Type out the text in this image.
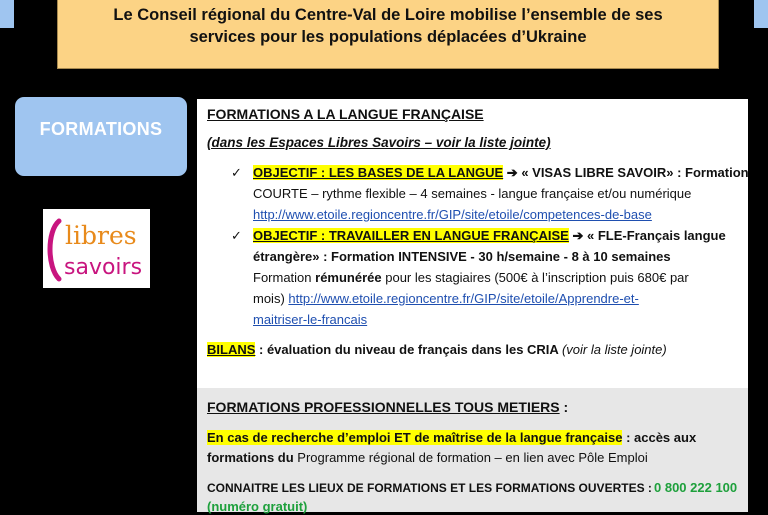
Le Conseil régional du Centre-Val de Loire mobilise l’ensemble de ses
services pour les populations déplacées d’Ukraine
FORMATIONS
libres
savoirs
FORMATIONS A LA LANGUE FRANÇAISE
(dans les Espaces Libres Savoirs – voir la liste jointe)
✓ OBJECTIF : LES BASES DE LA LANGUE ➔ « VISAS LIBRE SAVOIR» : Formation
COURTE – rythme flexible – 4 semaines - langue française et/ou numérique
http://www.etoile.regioncentre.fr/GIP/site/etoile/competences-de-base
✓ OBJECTIF : TRAVAILLER EN LANGUE FRANÇAISE ➔ « FLE-Français langue
étrangère» : Formation INTENSIVE - 30 h/semaine - 8 à 10 semaines
Formation rémunérée pour les stagiaires (500€ à l’inscription puis 680€ par
mois) http://www.etoile.regioncentre.fr/GIP/site/etoile/Apprendre-et-
maitriser-le-francais
BILANS : évaluation du niveau de français dans les CRIA (voir la liste jointe)
FORMATIONS PROFESSIONNELLES TOUS METIERS :
En cas de recherche d’emploi ET de maîtrise de la langue française : accès aux
formations du Programme régional de formation – en lien avec Pôle Emploi
CONNAITRE LES LIEUX DE FORMATIONS ET LES FORMATIONS OUVERTES : 0 800 222 100
(numéro gratuit)
